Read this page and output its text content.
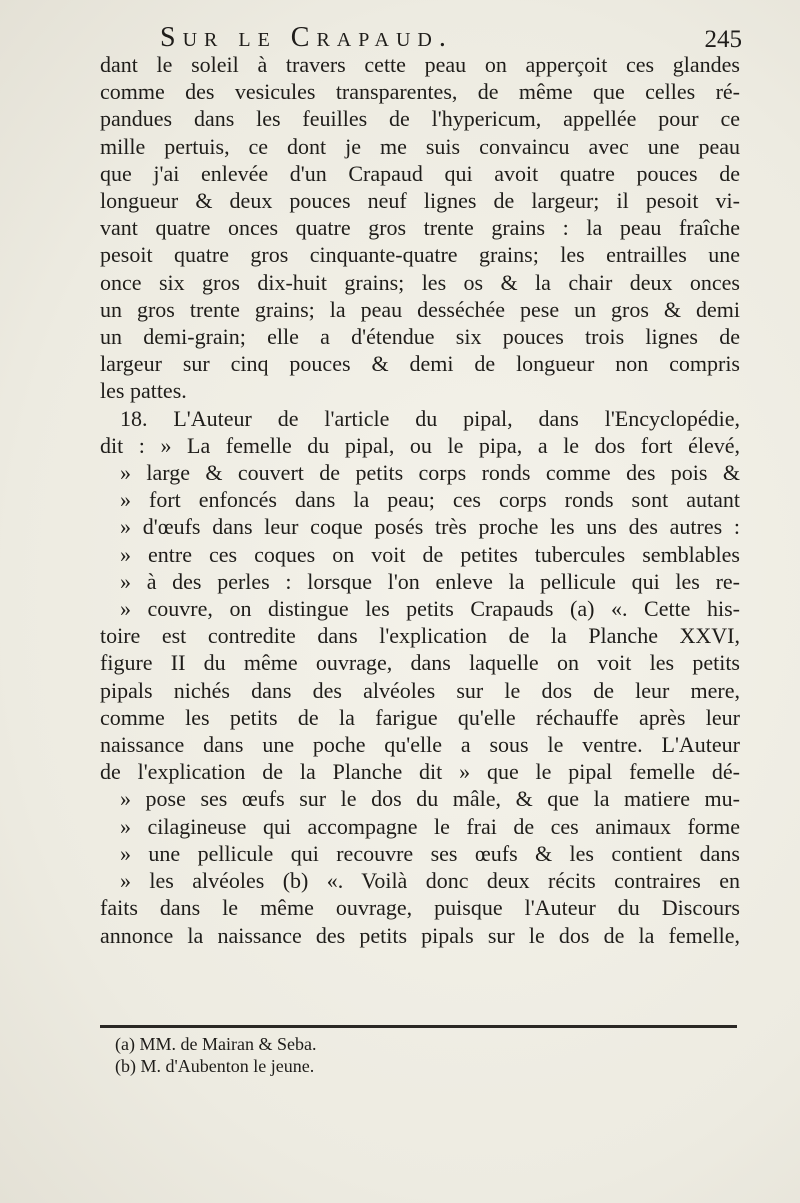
Sur le Crapaud.	245
dant le soleil à travers cette peau on apperçoit ces glandes
comme des vesicules transparentes, de même que celles ré-
pandues dans les feuilles de l'hypericum, appellée pour ce
mille pertuis, ce dont je me suis convaincu avec une peau
que j'ai enlevée d'un Crapaud qui avoit quatre pouces de
longueur & deux pouces neuf lignes de largeur; il pesoit vi-
vant quatre onces quatre gros trente grains : la peau fraîche
pesoit quatre gros cinquante-quatre grains; les entrailles une
once six gros dix-huit grains; les os & la chair deux onces
un gros trente grains; la peau desséchée pese un gros & demi
un demi-grain; elle a d'étendue six pouces trois lignes de
largeur sur cinq pouces & demi de longueur non compris
les pattes.
18. L'Auteur de l'article du pipal, dans l'Encyclopédie,
dit : » La femelle du pipal, ou le pipa, a le dos fort élevé,
» large & couvert de petits corps ronds comme des pois &
» fort enfoncés dans la peau; ces corps ronds sont autant
» d'œufs dans leur coque posés très proche les uns des autres :
» entre ces coques on voit de petites tubercules semblables
» à des perles : lorsque l'on enleve la pellicule qui les re-
» couvre, on distingue les petits Crapauds (a) «. Cette his-
toire est contredite dans l'explication de la Planche XXVI,
figure II du même ouvrage, dans laquelle on voit les petits
pipals nichés dans des alvéoles sur le dos de leur mere,
comme les petits de la farigue qu'elle réchauffe après leur
naissance dans une poche qu'elle a sous le ventre. L'Auteur
de l'explication de la Planche dit » que le pipal femelle dé-
» pose ses œufs sur le dos du mâle, & que la matiere mu-
» cilagineuse qui accompagne le frai de ces animaux forme
» une pellicule qui recouvre ses œufs & les contient dans
» les alvéoles (b) «. Voilà donc deux récits contraires en
faits dans le même ouvrage, puisque l'Auteur du Discours
annonce la naissance des petits pipals sur le dos de la femelle,
(a) MM. de Mairan & Seba.
(b) M. d'Aubenton le jeune.
